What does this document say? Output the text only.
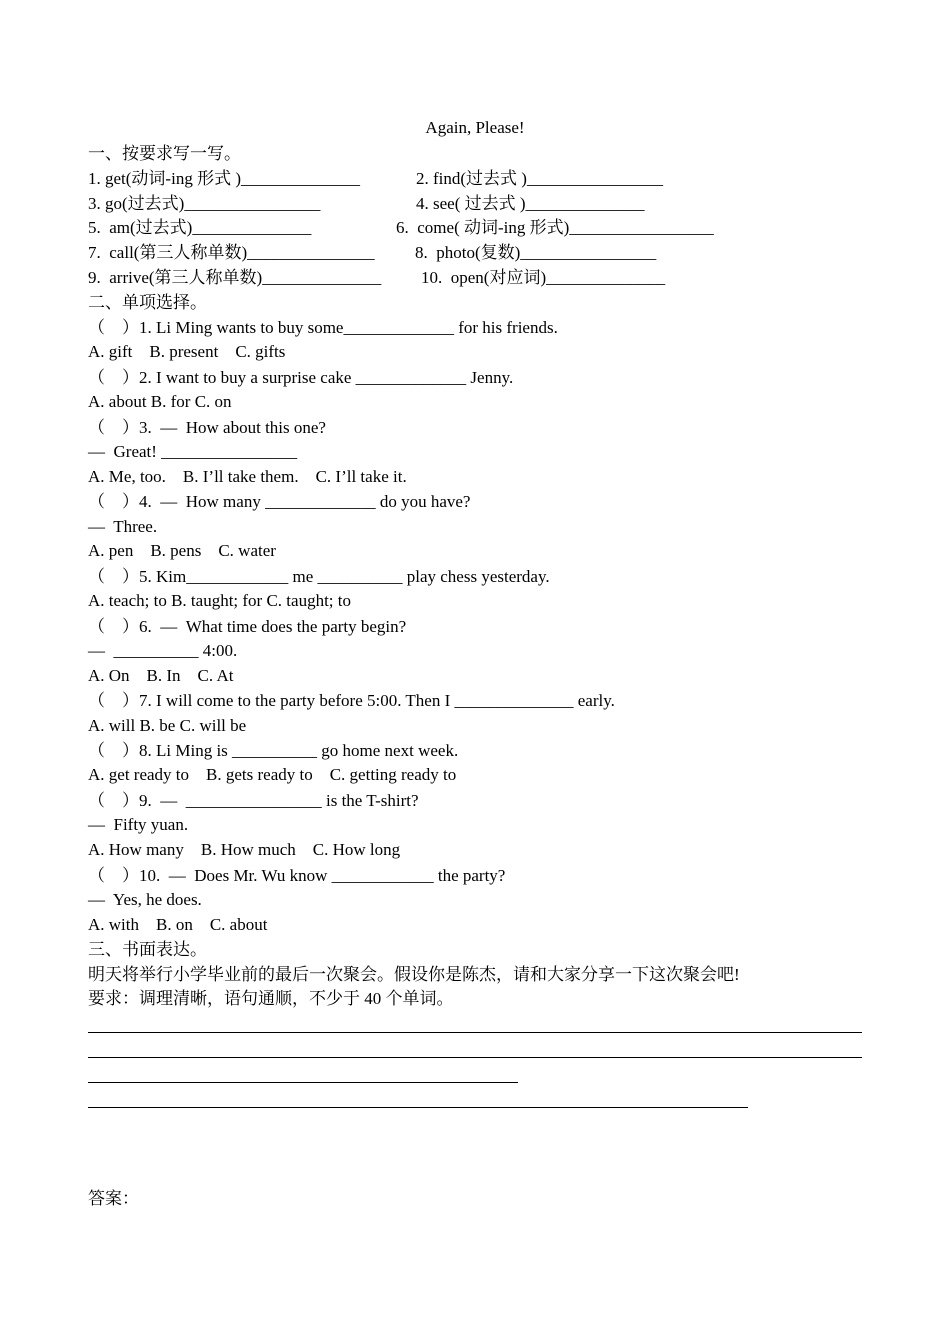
Again, Please!

一、按要求写一写。

1. get(动词-ing 形式 )______________	2. find(过去式 )________________

3. go(过去式)________________	4. see( 过去式 )______________

5.  am(过去式)______________	6.  come( 动词-ing 形式)_________________

7.  call(第三人称单数)_______________ 8.  photo(复数)________________

9.  arrive(第三人称单数)______________ 10.  open(对应词)______________

二、单项选择。

（    ）1. Li Ming wants to buy some_____________ for his friends.

A. gift    B. present    C. gifts

（    ）2. I want to buy a surprise cake _____________ Jenny.

A. about B. for C. on

（    ）3.  —  How about this one?

—  Great! ________________

A. Me, too.    B. I’ll take them.    C. I’ll take it.

（    ）4.  —  How many _____________ do you have?

—  Three.

A. pen    B. pens    C. water

（    ）5. Kim____________ me __________ play chess yesterday.

A. teach; to B. taught; for C. taught; to

（    ）6.  —  What time does the party begin?

—  __________ 4:00.

A. On    B. In    C. At

（    ）7. I will come to the party before 5:00. Then I ______________ early.

A. will B. be C. will be

（    ）8. Li Ming is __________ go home next week.

A. get ready to    B. gets ready to    C. getting ready to

（    ）9.  —  ________________ is the T-shirt?

—  Fifty yuan.

A. How many    B. How much    C. How long

（    ）10.  —  Does Mr. Wu know ____________ the party?

—  Yes, he does.

A. with    B. on    C. about

三、书面表达。

明天将举行小学毕业前的最后一次聚会。假设你是陈杰，请和大家分享一下这次聚会吧!

要求：调理清晰，语句通顺，不少于 40 个单词。

答案：
